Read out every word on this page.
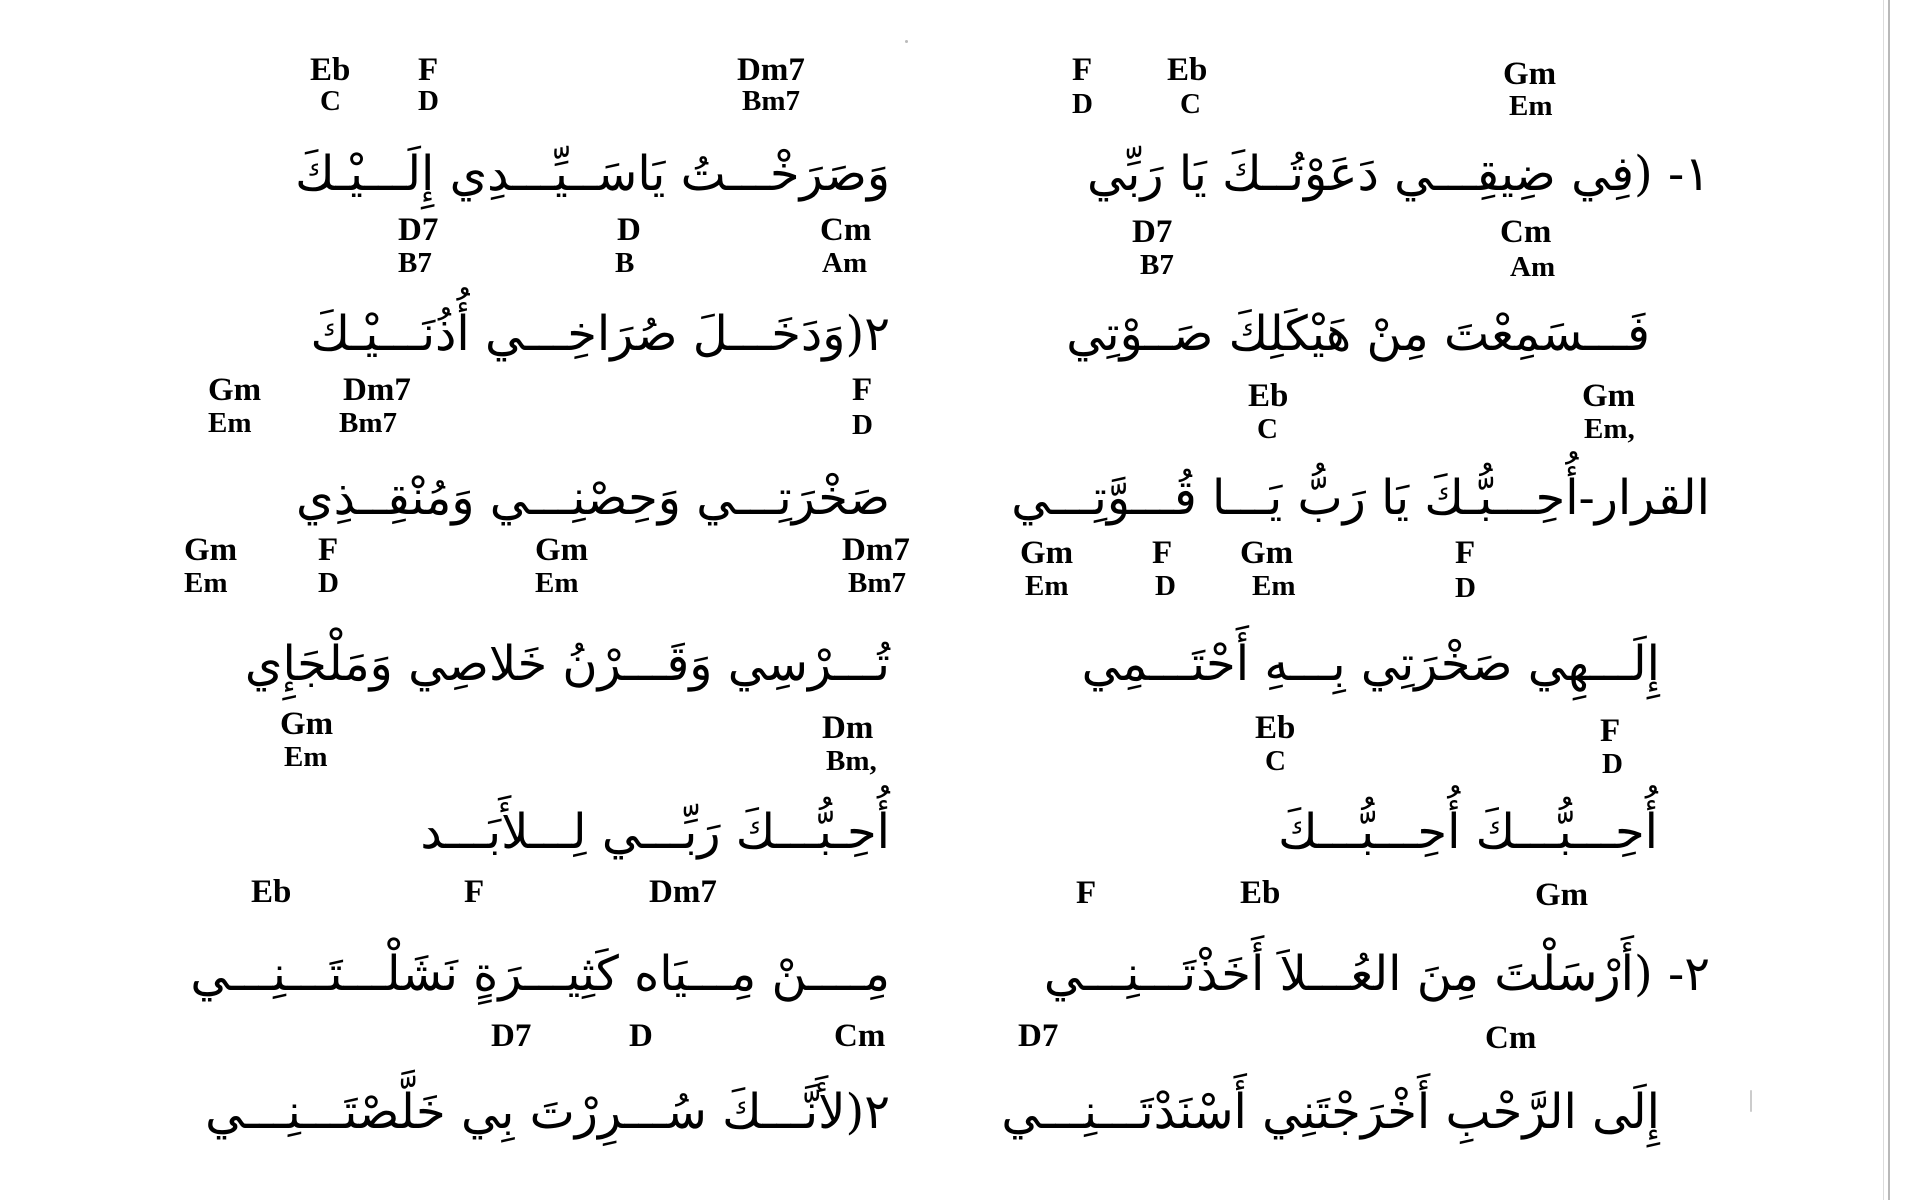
Eb F	Dm7
C	D	Bm7
F Eb	Gm
D	C	Em
وَصَرَخْـــتُ يَاسَــيِّـــدِي إِلَـــيْـكَ	١- (فِي ضِيقِـــي دَعَوْتُــكَ يَا رَبِّي
D7	D	Cm
B7	B	Am
D7	Cm
B7	Am
٢(وَدَخَـــلَ صُرَاخِـــي أُذُنَـــيْـكَ	فَـــسَمِعْتَ مِنْ هَيْكَلِكَ صَــوْتِي
Gm Dm7	F
Em	Bm7	D
Eb	Gm
C	Em,
صَخْرَتِـــي وَحِصْنِـــي وَمُنْقِــذِي	القرار-أُحِـــبُّـكَ يَا رَبُّ يَـــا قُـــوَّتِـــي
Gm F	Gm	Dm7
Em	D	Em	Bm7
Gm F Gm	F
Em	D	Em	D
تُـــرْسِي وَقَـــرْنُ خَلاصِي وَمَلْجَإِي	إِلَـــهِي صَخْرَتِي بِـــهِ أَحْتَـــمِي
Gm	Dm
Em	Bm,
Eb	F
C	D
أُحِـبُّـــكَ رَبِّـــي لِـــلأَبَـــد	أُحِـــبُّـــكَ أُحِـــبُّـــكَ
Eb	F	Dm7	F	Eb	Gm
مِــــنْ مِـــيَاه كَثِيـــرَةٍ نَشَلْـــتَـــنِـــي	٢- (أَرْسَلْتَ مِنَ العُـــلاَ أَخَذْتَـــنِـــي
D7	D	Cm	D7	Cm
٢(لأَنَّـــكَ سُـــرِرْتَ بِي خَلَّصْتَـــنِـــي إِلَى الرَّحْبِ أَخْرَجْتَنِي أَسْنَدْتَـــنِـــي
